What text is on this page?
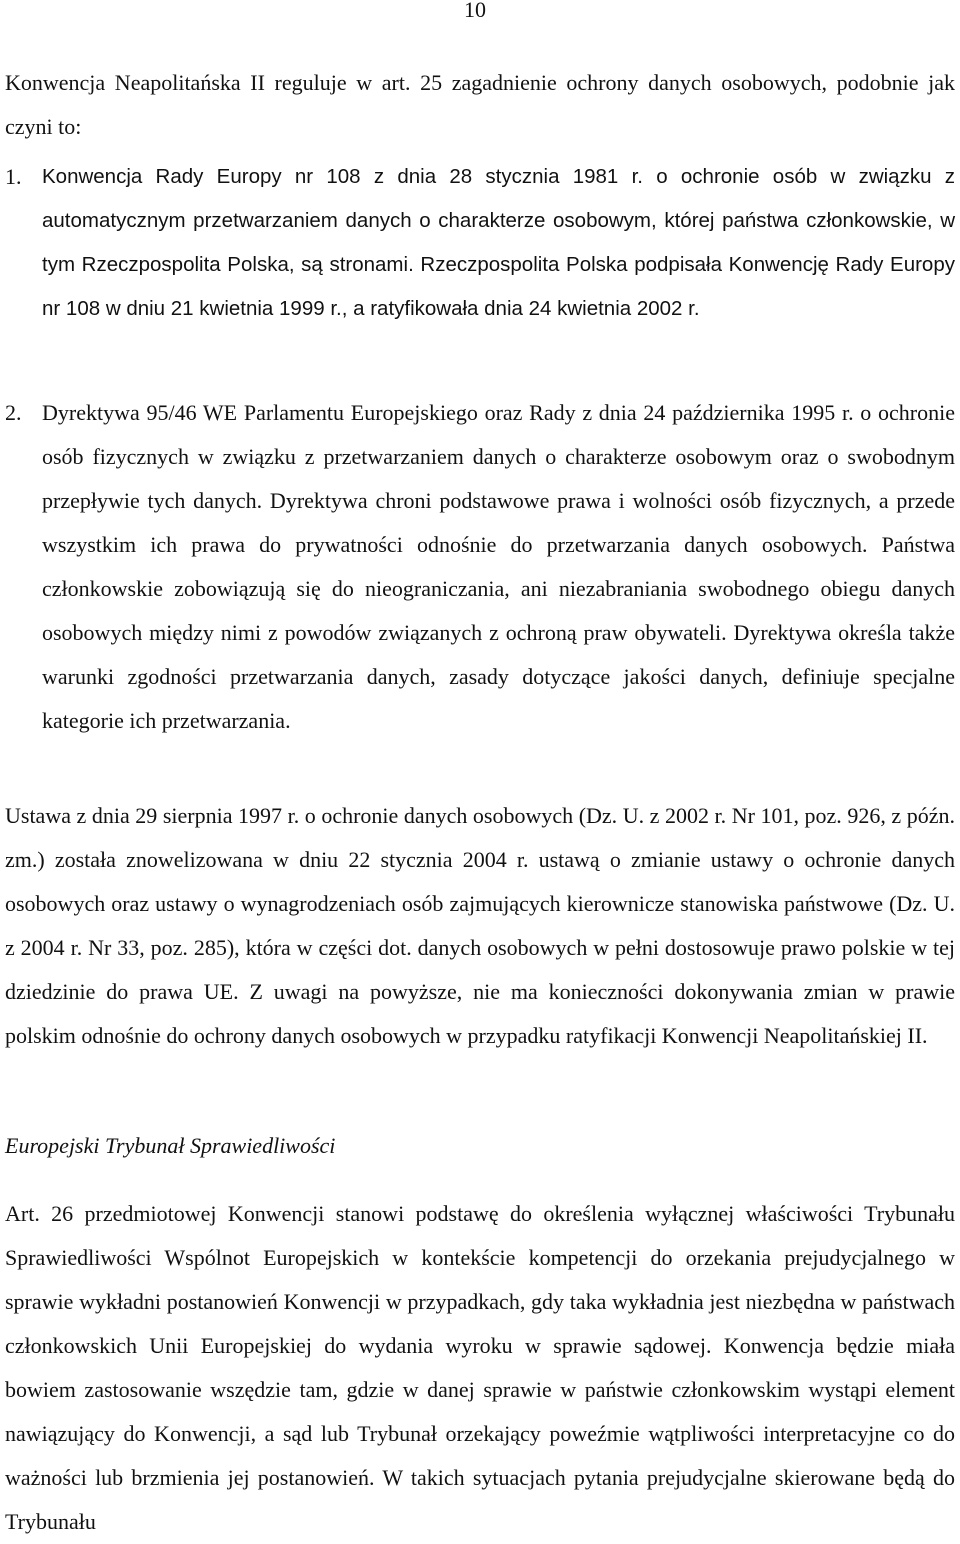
10

Konwencja Neapolitańska II reguluje w art. 25 zagadnienie ochrony danych osobowych, podobnie jak czyni to:

1. Konwencja Rady Europy nr 108 z dnia 28 stycznia 1981 r. o ochronie osób w związku z automatycznym przetwarzaniem danych o charakterze osobowym, której państwa członkowskie, w tym Rzeczpospolita Polska, są stronami. Rzeczpospolita Polska podpisała Konwencję Rady Europy nr 108 w dniu 21 kwietnia 1999 r., a ratyfikowała dnia 24 kwietnia 2002 r.
2. Dyrektywa 95/46 WE Parlamentu Europejskiego oraz Rady z dnia 24 października 1995 r. o ochronie osób fizycznych w związku z przetwarzaniem danych o charakterze osobowym oraz o swobodnym przepływie tych danych. Dyrektywa chroni podstawowe prawa i wolności osób fizycznych, a przede wszystkim ich prawa do prywatności odnośnie do przetwarzania danych osobowych. Państwa członkowskie zobowiązują się do nieograniczania, ani niezabraniania swobodnego obiegu danych osobowych między nimi z powodów związanych z ochroną praw obywateli. Dyrektywa określa także warunki zgodności przetwarzania danych, zasady dotyczące jakości danych, definiuje specjalne kategorie ich przetwarzania.

Ustawa z dnia 29 sierpnia 1997 r. o ochronie danych osobowych (Dz. U. z 2002 r. Nr 101, poz. 926, z późn. zm.) została znowelizowana w dniu 22 stycznia 2004 r. ustawą o zmianie ustawy o ochronie danych osobowych oraz ustawy o wynagrodzeniach osób zajmujących kierownicze stanowiska państwowe (Dz. U. z 2004 r. Nr 33, poz. 285), która w części dot. danych osobowych w pełni dostosowuje prawo polskie w tej dziedzinie do prawa UE. Z uwagi na powyższe, nie ma konieczności dokonywania zmian w prawie polskim odnośnie do ochrony danych osobowych w przypadku ratyfikacji Konwencji Neapolitańskiej II.

Europejski Trybunał Sprawiedliwości

Art. 26 przedmiotowej Konwencji stanowi podstawę do określenia wyłącznej właściwości Trybunału Sprawiedliwości Wspólnot Europejskich w kontekście kompetencji do orzekania prejudycjalnego w sprawie wykładni postanowień Konwencji w przypadkach, gdy taka wykładnia jest niezbędna w państwach członkowskich Unii Europejskiej do wydania wyroku w sprawie sądowej. Konwencja będzie miała bowiem zastosowanie wszędzie tam, gdzie w danej sprawie w państwie członkowskim wystąpi element nawiązujący do Konwencji, a sąd lub Trybunał orzekający poweźmie wątpliwości interpretacyjne co do ważności lub brzmienia jej postanowień. W takich sytuacjach pytania prejudycjalne skierowane będą do Trybunału
